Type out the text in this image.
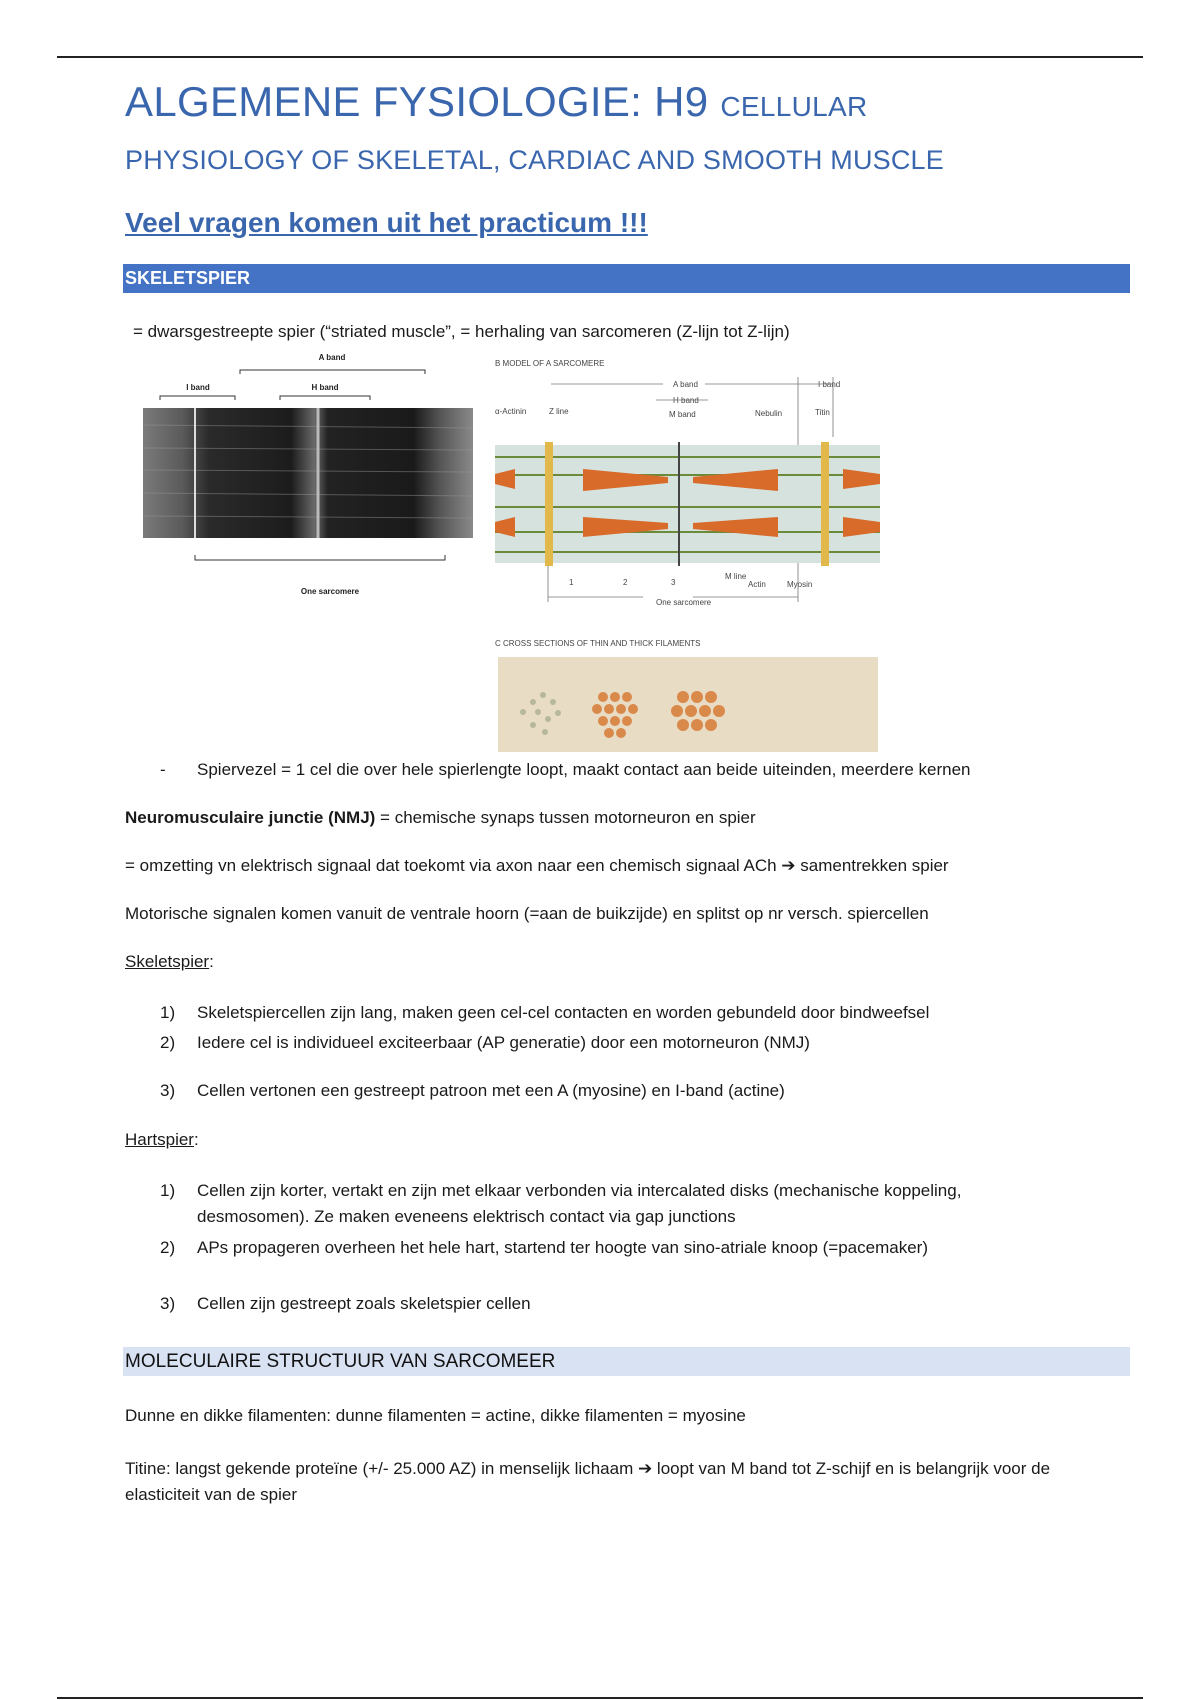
ALGEMENE FYSIOLOGIE: H9 CELLULAR
PHYSIOLOGY OF SKELETAL, CARDIAC AND SMOOTH MUSCLE
Veel vragen komen uit het practicum !!!
SKELETSPIER
= dwarsgestreepte spier (“striated muscle”, = herhaling van sarcomeren (Z-lijn tot Z-lijn)
A band
I band	H band
One sarcomere
B MODEL OF A SARCOMERE
A band	I band
H band
M band
α-Actinin	Z line	Nebulin	Titin
M line
Actin	Myosin
1	2	3
One sarcomere
C CROSS SECTIONS OF THIN AND THICK FILAMENTS
- Spiervezel = 1 cel die over hele spierlengte loopt, maakt contact aan beide uiteinden, meerdere kernen
Neuromusculaire junctie (NMJ) = chemische synaps tussen motorneuron en spier
= omzetting vn elektrisch signaal dat toekomt via axon naar een chemisch signaal ACh ➔ samentrekken spier
Motorische signalen komen vanuit de ventrale hoorn (=aan de buikzijde) en splitst op nr versch. spiercellen
Skeletspier:
1) Skeletspiercellen zijn lang, maken geen cel-cel contacten en worden gebundeld door bindweefsel
2) Iedere cel is individueel exciteerbaar (AP generatie) door een motorneuron (NMJ)
3) Cellen vertonen een gestreept patroon met een A (myosine) en I-band (actine)
Hartspier:
1) Cellen zijn korter, vertakt en zijn met elkaar verbonden via intercalated disks (mechanische koppeling, desmosomen). Ze maken eveneens elektrisch contact via gap junctions
2) APs propageren overheen het hele hart, startend ter hoogte van sino-atriale knoop (=pacemaker)
3) Cellen zijn gestreept zoals skeletspier cellen
MOLECULAIRE STRUCTUUR VAN SARCOMEER
Dunne en dikke filamenten: dunne filamenten = actine, dikke filamenten = myosine
Titine: langst gekende proteïne (+/- 25.000 AZ) in menselijk lichaam ➔ loopt van M band tot Z-schijf en is belangrijk voor de elasticiteit van de spier
